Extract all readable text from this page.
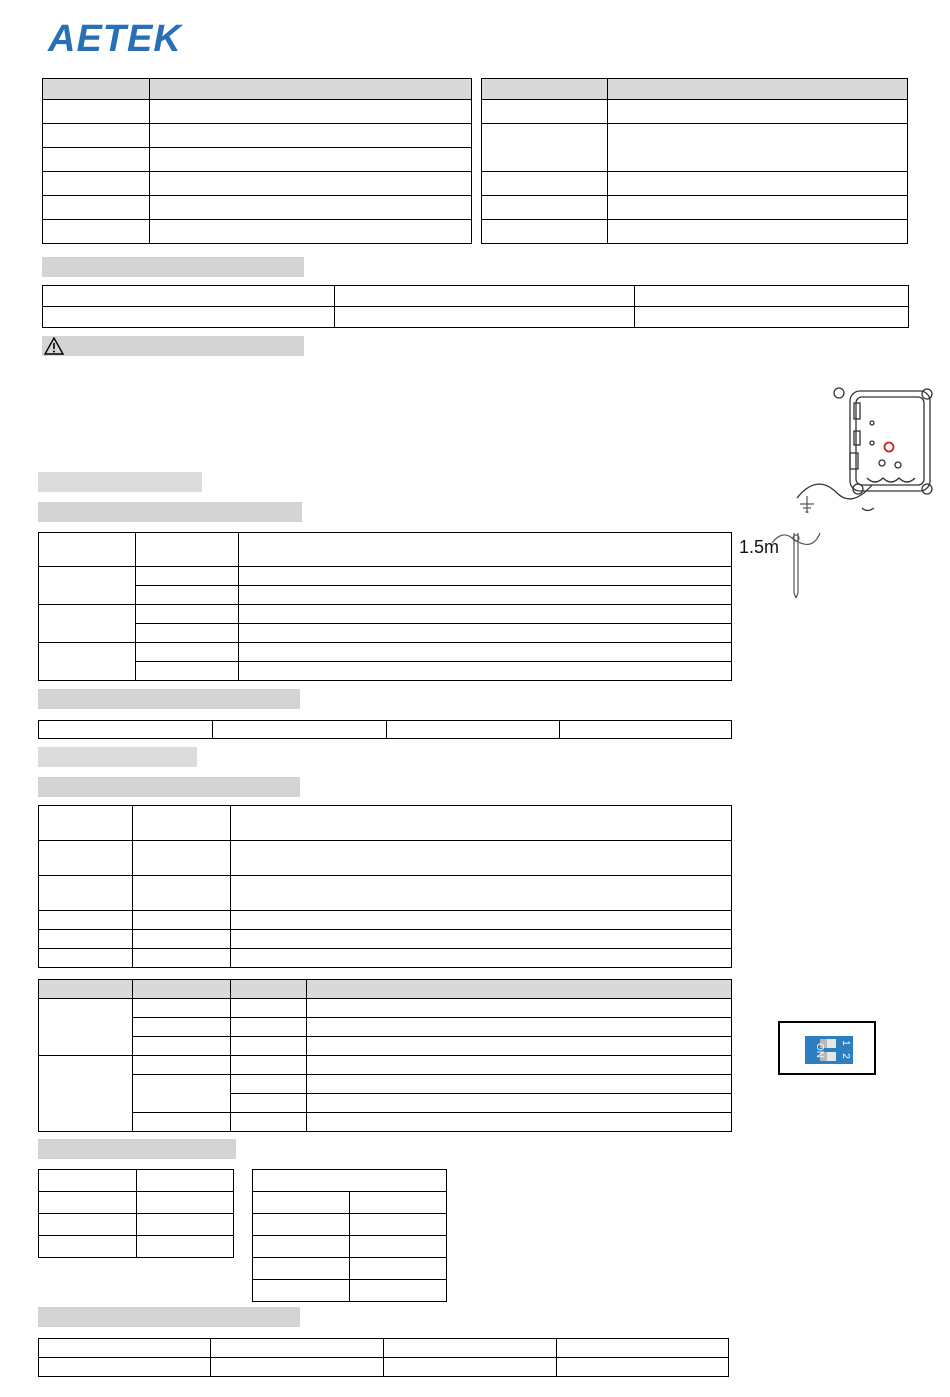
AETEK

1.5m

ON 1
2
